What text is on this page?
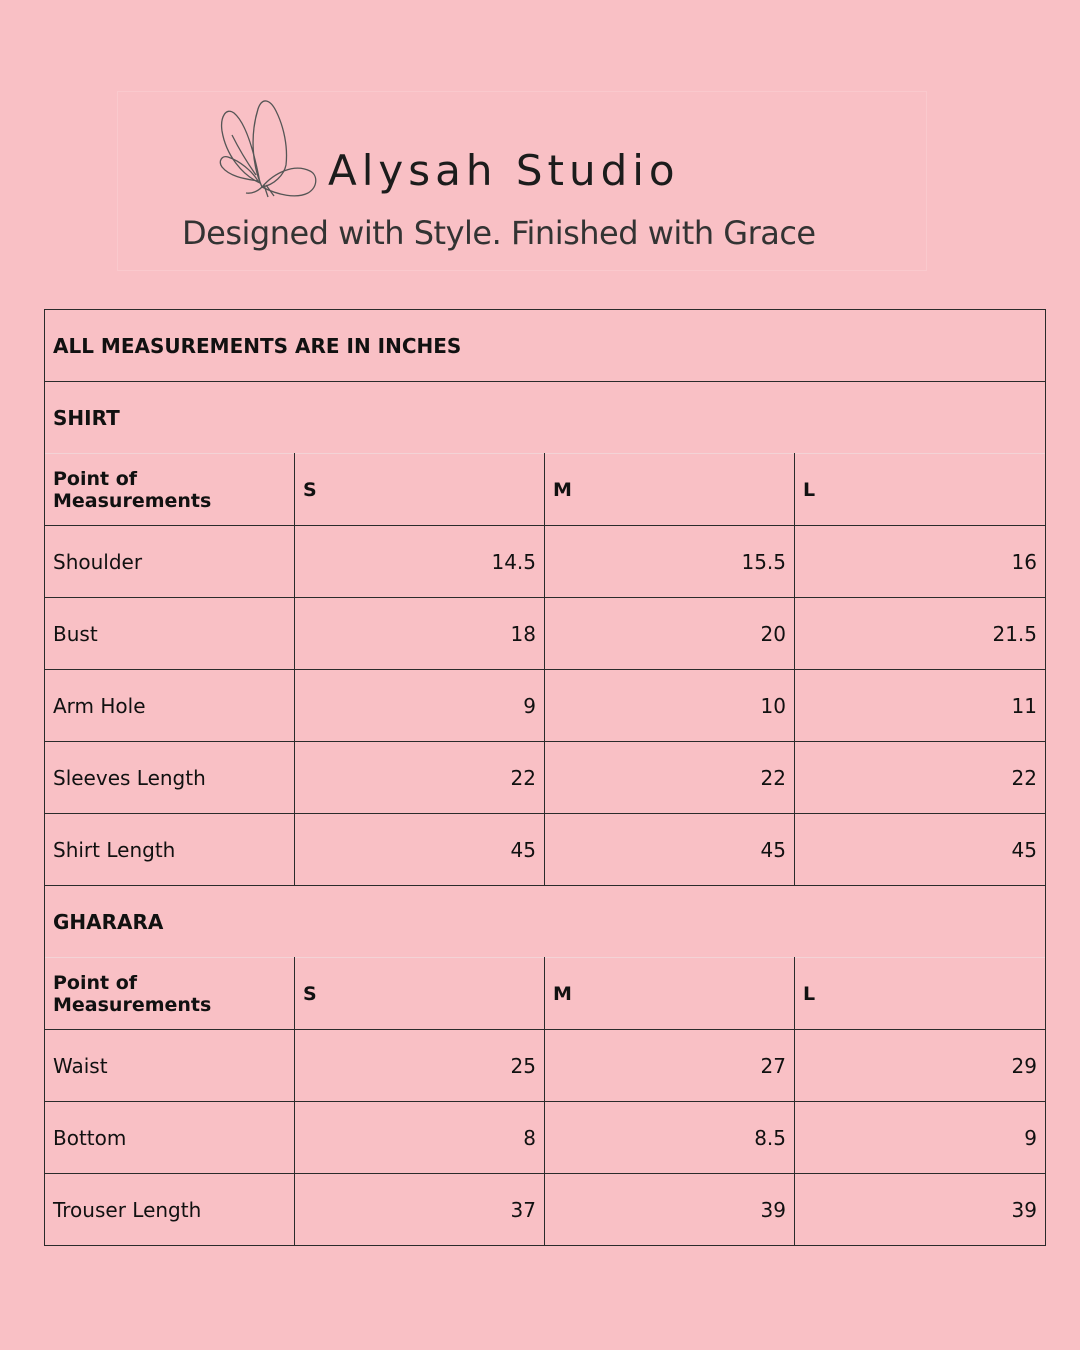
Alysah Studio
Designed with Style. Finished with Grace
ALL MEASUREMENTS ARE IN INCHES			
SHIRT			
Point of Measurements	S	M	L
Shoulder	14.5	15.5	16
Bust	18	20	21.5
Arm Hole	9	10	11
Sleeves Length	22	22	22
Shirt Length	45	45	45
GHARARA			
Point of Measurements	S	M	L
Waist	25	27	29
Bottom	8	8.5	9
Trouser Length	37	39	39
